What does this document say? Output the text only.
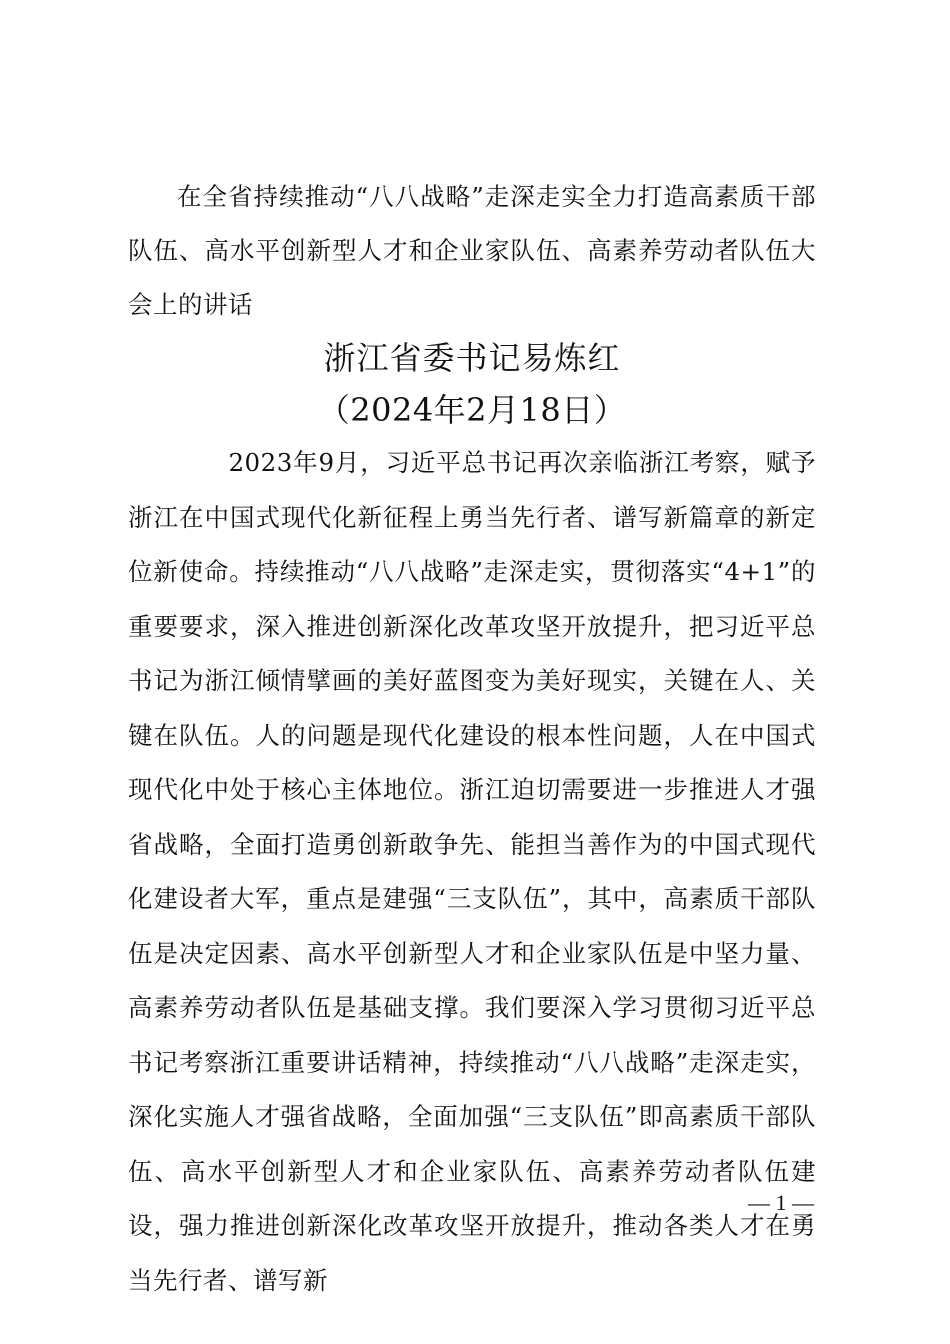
在全省持续推动“八八战略”走深走实全力打造高素质干部队伍、高水平创新型人才和企业家队伍、高素养劳动者队伍大会上的讲话
浙江省委书记易炼红
（2024年2月18日）

2023年9月，习近平总书记再次亲临浙江考察，赋予浙江在中国式现代化新征程上勇当先行者、谱写新篇章的新定位新使命。持续推动“八八战略”走深走实，贯彻落实“4+1”的重要要求，深入推进创新深化改革攻坚开放提升，把习近平总书记为浙江倾情擘画的美好蓝图变为美好现实，关键在人、关键在队伍。人的问题是现代化建设的根本性问题，人在中国式现代化中处于核心主体地位。浙江迫切需要进一步推进人才强省战略，全面打造勇创新敢争先、能担当善作为的中国式现代化建设者大军，重点是建强“三支队伍”，其中，高素质干部队伍是决定因素、高水平创新型人才和企业家队伍是中坚力量、高素养劳动者队伍是基础支撑。我们要深入学习贯彻习近平总书记考察浙江重要讲话精神，持续推动“八八战略”走深走实，深化实施人才强省战略，全面加强“三支队伍”即高素质干部队伍、高水平创新型人才和企业家队伍、高素养劳动者队伍建设，强力推进创新深化改革攻坚开放提升，推动各类人才在勇当先行者、谱写新

— 1 —
